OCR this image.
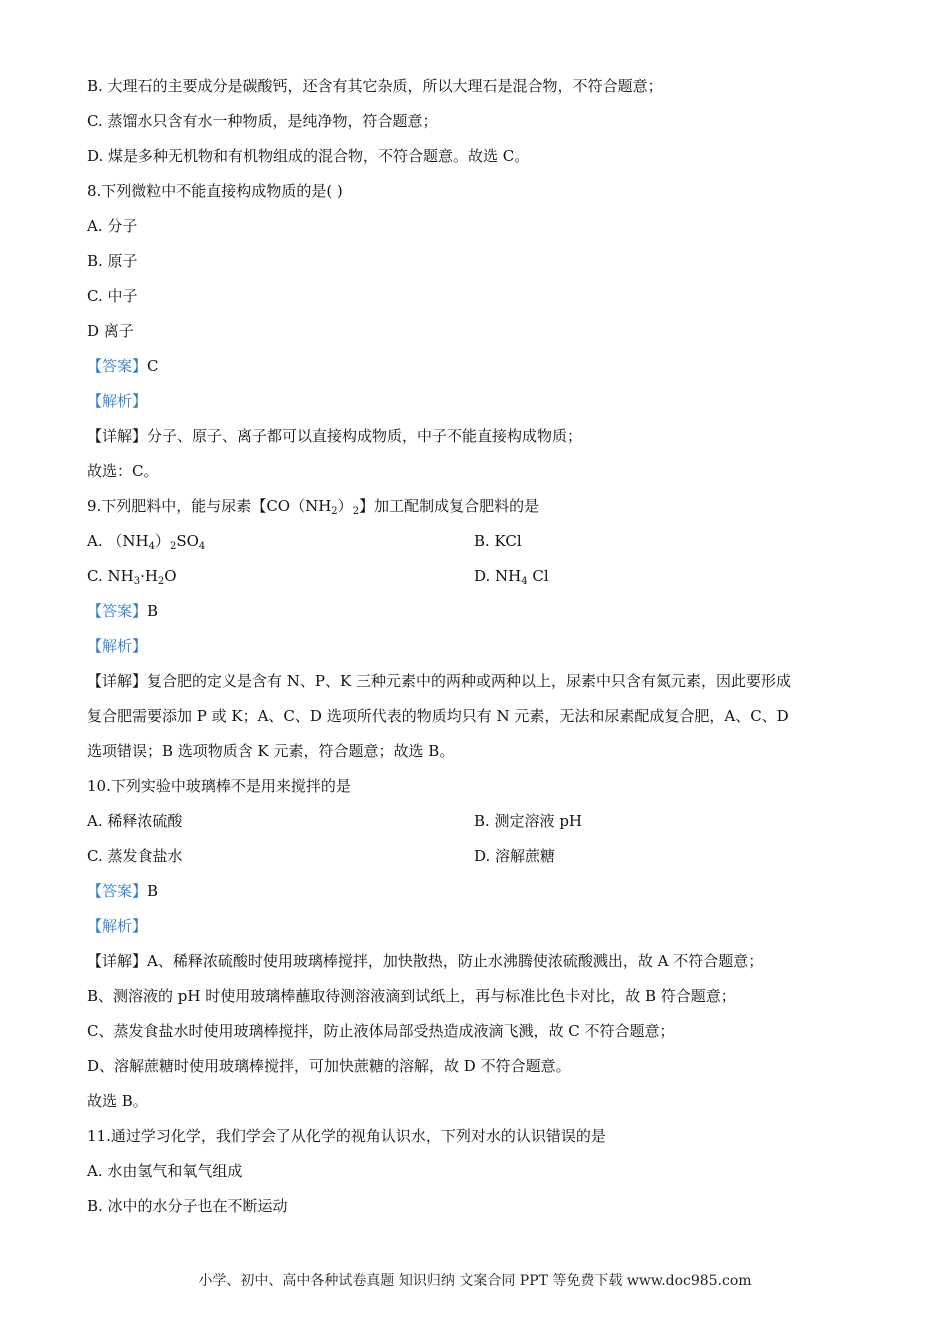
B. 大理石的主要成分是碳酸钙，还含有其它杂质，所以大理石是混合物，不符合题意；
C. 蒸馏水只含有水一种物质，是纯净物，符合题意；
D. 煤是多种无机物和有机物组成的混合物，不符合题意。故选 C。
8.下列微粒中不能直接构成物质的是( )
A. 分子
B. 原子
C. 中子
D 离子
【答案】C
【解析】
【详解】分子、原子、离子都可以直接构成物质，中子不能直接构成物质；
故选：C。
9.下列肥料中，能与尿素【$CO(NH_2)_2$】加工配制成复合肥料的是
A. $(NH_4)_2SO_4$	B. KCl
C. $NH_3\cdot H_2O$	D. $NH_4$ Cl
【答案】B
【解析】
【详解】复合肥的定义是含有 N、P、K 三种元素中的两种或两种以上，尿素中只含有氮元素，因此要形成
复合肥需要添加 P 或 K；A、C、D 选项所代表的物质均只有 N 元素，无法和尿素配成复合肥，A、C、D
选项错误；B 选项物质含 K 元素，符合题意；故选 B。
10.下列实验中玻璃棒不是用来搅拌的是
A. 稀释浓硫酸	B. 测定溶液 pH
C. 蒸发食盐水	D. 溶解蔗糖
【答案】B
【解析】
【详解】A、稀释浓硫酸时使用玻璃棒搅拌，加快散热，防止水沸腾使浓硫酸溅出，故 A 不符合题意；
B、测溶液的 pH 时使用玻璃棒蘸取待测溶液滴到试纸上，再与标准比色卡对比，故 B 符合题意；
C、蒸发食盐水时使用玻璃棒搅拌，防止液体局部受热造成液滴飞溅，故 C 不符合题意；
D、溶解蔗糖时使用玻璃棒搅拌，可加快蔗糖的溶解，故 D 不符合题意。
故选 B。
11.通过学习化学，我们学会了从化学的视角认识水，下列对水的认识错误的是
A. 水由氢气和氧气组成
B. 冰中的水分子也在不断运动
小学、初中、高中各种试卷真题 知识归纳 文案合同 PPT 等免费下载 www.doc985.com
